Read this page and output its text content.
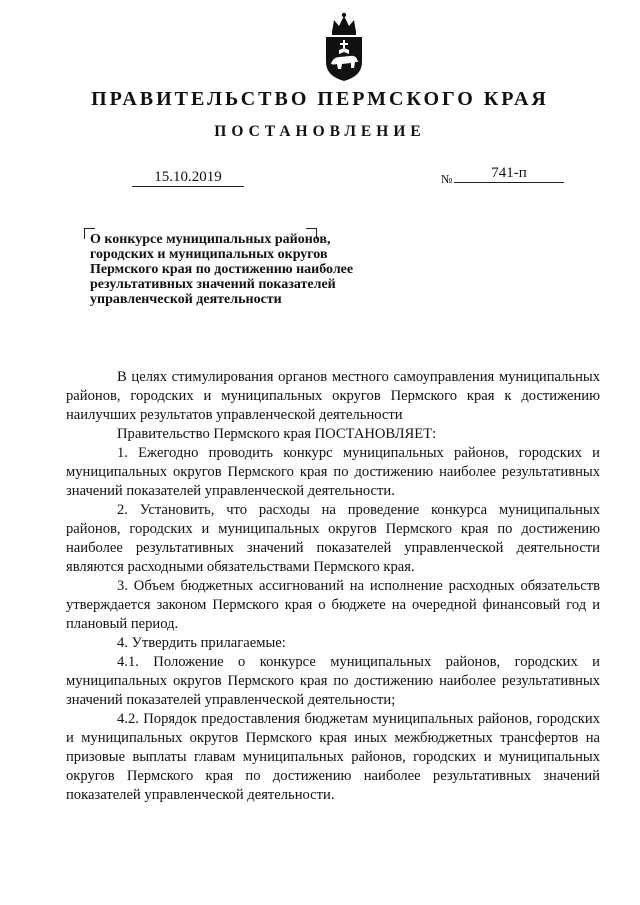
ПРАВИТЕЛЬСТВО ПЕРМСКОГО КРАЯ
ПОСТАНОВЛЕНИЕ
15.10.2019	№	741-п
О конкурсе муниципальных районов,
городских и муниципальных округов
Пермского края по достижению наиболее
результативных значений показателей
управленческой деятельности

В целях стимулирования органов местного самоуправления муниципальных районов, городских и муниципальных округов Пермского края к достижению наилучших результатов управленческой деятельности

Правительство Пермского края ПОСТАНОВЛЯЕТ:

1. Ежегодно проводить конкурс муниципальных районов, городских и муниципальных округов Пермского края по достижению наиболее результативных значений показателей управленческой деятельности.

2. Установить, что расходы на проведение конкурса муниципальных районов, городских и муниципальных округов Пермского края по достижению наиболее результативных значений показателей управленческой деятельности являются расходными обязательствами Пермского края.

3. Объем бюджетных ассигнований на исполнение расходных обязательств утверждается законом Пермского края о бюджете на очередной финансовый год и плановый период.

4. Утвердить прилагаемые:

4.1. Положение о конкурсе муниципальных районов, городских и муниципальных округов Пермского края по достижению наиболее результативных значений показателей управленческой деятельности;

4.2. Порядок предоставления бюджетам муниципальных районов, городских и муниципальных округов Пермского края иных межбюджетных трансфертов на призовые выплаты главам муниципальных районов, городских и муниципальных округов Пермского края по достижению наиболее результативных значений показателей управленческой деятельности.
